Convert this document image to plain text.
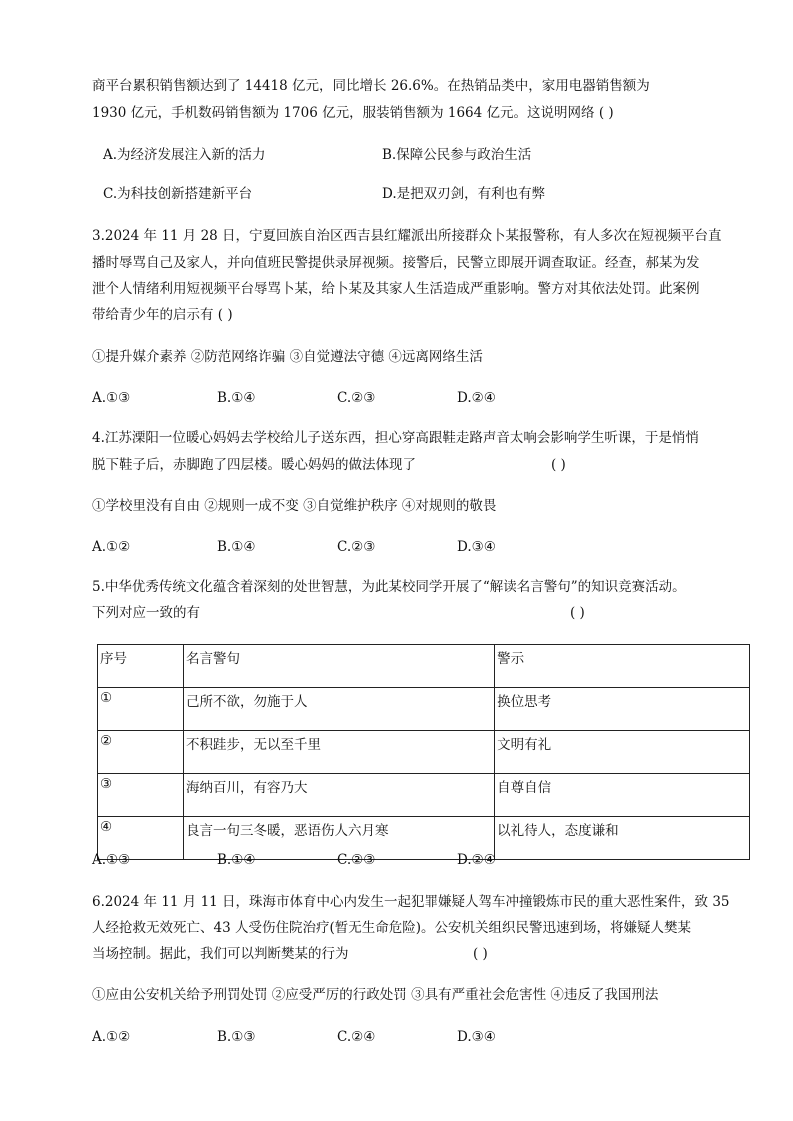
商平台累积销售额达到了 14418 亿元，同比增长 26.6%。在热销品类中，家用电器销售额为
1930 亿元，手机数码销售额为 1706 亿元，服装销售额为 1664 亿元。这说明网络 ( )
A.为经济发展注入新的活力	B.保障公民参与政治生活
C.为科技创新搭建新平台	D.是把双刃剑，有利也有弊
3.2024 年 11 月 28 日，宁夏回族自治区西吉县红耀派出所接群众卜某报警称，有人多次在短视频平台直
播时辱骂自己及家人，并向值班民警提供录屏视频。接警后，民警立即展开调查取证。经查，郝某为发
泄个人情绪利用短视频平台辱骂卜某，给卜某及其家人生活造成严重影响。警方对其依法处罚。此案例
带给青少年的启示有 ( )
①提升媒介素养 ②防范网络诈骗 ③自觉遵法守德 ④远离网络生活
A.①③	B.①④	C.②③	D.②④
4.江苏溧阳一位暖心妈妈去学校给儿子送东西，担心穿高跟鞋走路声音太响会影响学生听课，于是悄悄
脱下鞋子后，赤脚跑了四层楼。暖心妈妈的做法体现了	( )
①学校里没有自由 ②规则一成不变 ③自觉维护秩序 ④对规则的敬畏
A.①②	B.①④	C.②③	D.③④
5.中华优秀传统文化蕴含着深刻的处世智慧，为此某校同学开展了“解读名言警句”的知识竞赛活动。
下列对应一致的有	( )
序号	名言警句	警示
①	己所不欲，勿施于人	换位思考
②	不积跬步，无以至千里	文明有礼
③	海纳百川，有容乃大	自尊自信
④	良言一句三冬暖，恶语伤人六月寒	以礼待人，态度谦和
A.①③	B.①④	C.②③	D.②④
6.2024 年 11 月 11 日，珠海市体育中心内发生一起犯罪嫌疑人驾车冲撞锻炼市民的重大恶性案件，致 35
人经抢救无效死亡、43 人受伤住院治疗(暂无生命危险)。公安机关组织民警迅速到场，将嫌疑人樊某
当场控制。据此，我们可以判断樊某的行为	( )
①应由公安机关给予刑罚处罚 ②应受严厉的行政处罚 ③具有严重社会危害性 ④违反了我国刑法
A.①②	B.①③	C.②④	D.③④
